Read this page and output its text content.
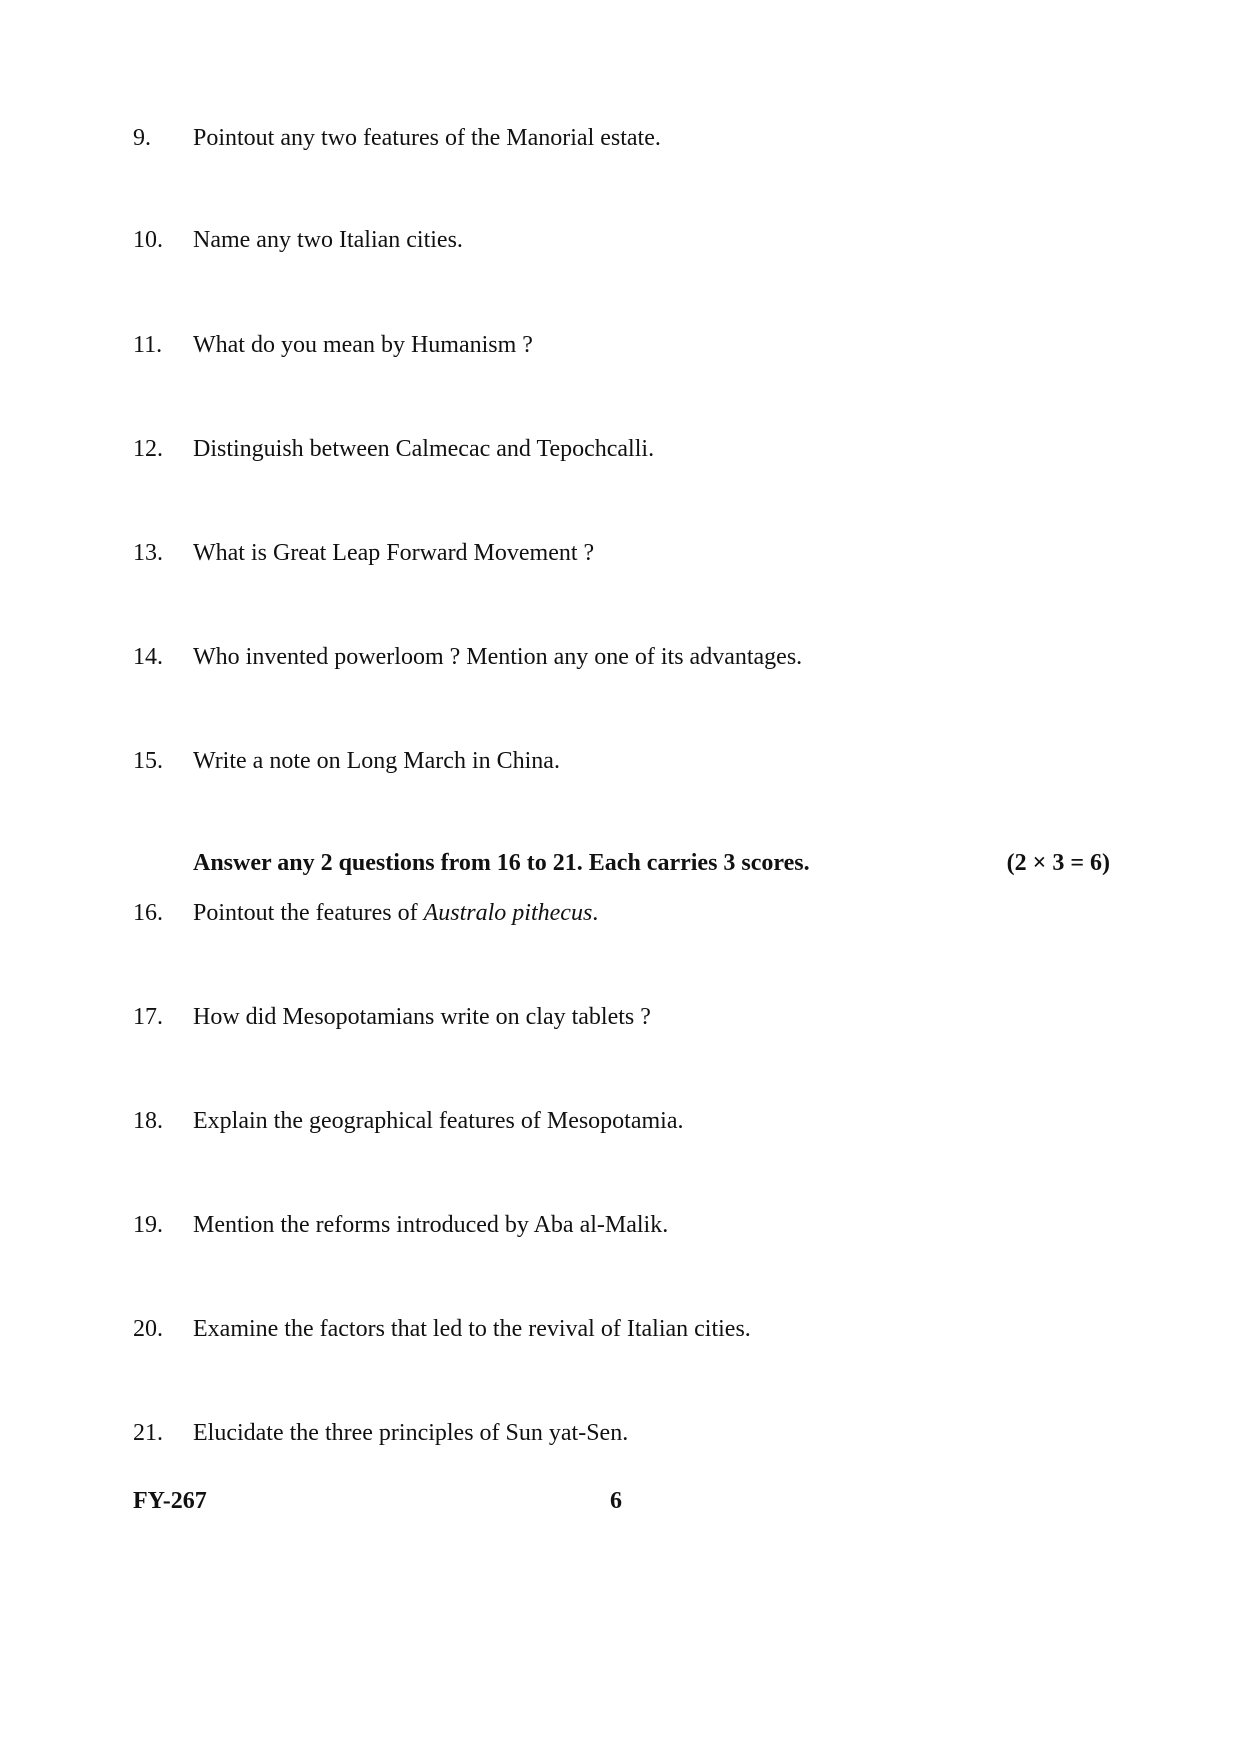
9. Pointout any two features of the Manorial estate.
10. Name any two Italian cities.
11. What do you mean by Humanism ?
12. Distinguish between Calmecac and Tepochcalli.
13. What is Great Leap Forward Movement ?
14. Who invented powerloom ? Mention any one of its advantages.
15. Write a note on Long March in China.
Answer any 2 questions from 16 to 21. Each carries 3 scores.	(2 × 3 = 6)
16. Pointout the features of Australo pithecus.
17. How did Mesopotamians write on clay tablets ?
18. Explain the geographical features of Mesopotamia.
19. Mention the reforms introduced by Aba al-Malik.
20. Examine the factors that led to the revival of Italian cities.
21. Elucidate the three principles of Sun yat-Sen.
FY-267	6
